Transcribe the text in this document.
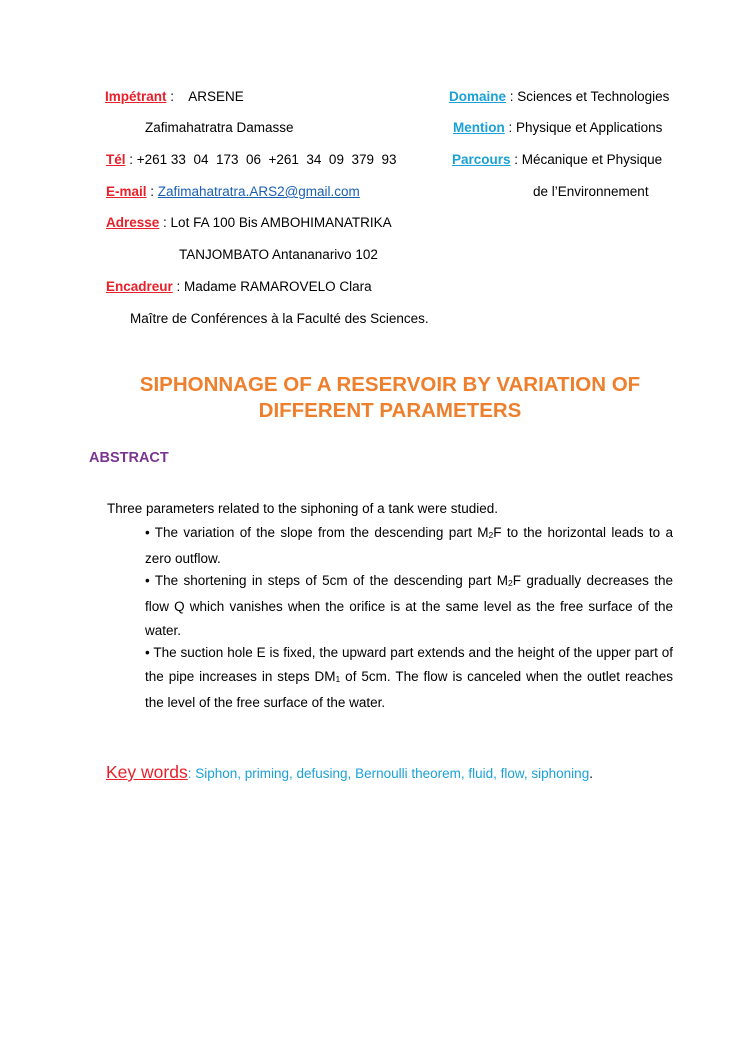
Impétrant :    ARSENE
Zafimahatratra Damasse
Tél : +261 33  04  173  06  +261  34  09  379  93
E-mail : Zafimahatratra.ARS2@gmail.com
Adresse : Lot FA 100 Bis AMBOHIMANATRIKA
TANJOMBATO Antananarivo 102
Encadreur : Madame RAMAROVELO Clara
Maître de Conférences à la Faculté des Sciences.
Domaine : Sciences et Technologies
Mention : Physique et Applications
Parcours : Mécanique et Physique
de l’Environnement
SIPHONNAGE OF A RESERVOIR BY VARIATION OF
DIFFERENT PARAMETERS
ABSTRACT
Three parameters related to the siphoning of a tank were studied.
• The variation of the slope from the descending part $M_2F$ to the horizontal leads to a zero outflow.
• The shortening in steps of 5cm of the descending part $M_2F$ gradually decreases the flow Q which vanishes when the orifice is at the same level as the free surface of the water.
• The suction hole E is fixed, the upward part extends and the height of the upper part of the pipe increases in steps $DM_1$ of 5cm. The flow is canceled when the outlet reaches the level of the free surface of the water.
Key words: Siphon, priming, defusing, Bernoulli theorem, fluid, flow, siphoning.
